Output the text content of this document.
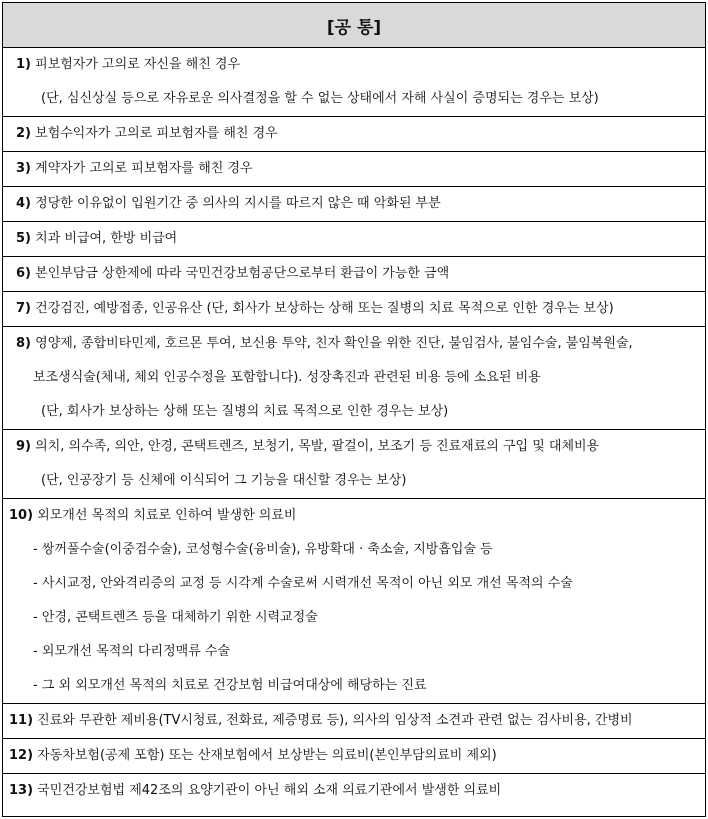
[공 통]
1) 피보험자가 고의로 자신을 해친 경우
(단, 심신상실 등으로 자유로운 의사결정을 할 수 없는 상태에서 자해 사실이 증명되는 경우는 보상)
2) 보험수익자가 고의로 피보험자를 해친 경우
3) 계약자가 고의로 피보험자를 해친 경우
4) 정당한 이유없이 입원기간 중 의사의 지시를 따르지 않은 때 악화된 부분
5) 치과 비급여, 한방 비급여
6) 본인부담금 상한제에 따라 국민건강보험공단으로부터 환급이 가능한 금액
7) 건강검진, 예방접종, 인공유산 (단, 회사가 보상하는 상해 또는 질병의 치료 목적으로 인한 경우는 보상)
8) 영양제, 종합비타민제, 호르몬 투여, 보신용 투약, 친자 확인을 위한 진단, 불임검사, 불임수술, 불임복원술,
보조생식술(체내, 체외 인공수정을 포함합니다). 성장촉진과 관련된 비용 등에 소요된 비용
(단, 회사가 보상하는 상해 또는 질병의 치료 목적으로 인한 경우는 보상)
9) 의치, 의수족, 의안, 안경, 콘택트렌즈, 보청기, 목발, 팔걸이, 보조기 등 진료재료의 구입 및 대체비용
(단, 인공장기 등 신체에 이식되어 그 기능을 대신할 경우는 보상)
10) 외모개선 목적의 치료로 인하여 발생한 의료비
- 쌍꺼풀수술(이중검수술), 코성형수술(융비술), 유방확대 · 축소술, 지방흡입술 등
- 사시교정, 안와격리증의 교정 등 시각계 수술로써 시력개선 목적이 아닌 외모 개선 목적의 수술
- 안경, 콘택트렌즈 등을 대체하기 위한 시력교정술
- 외모개선 목적의 다리정맥류 수술
- 그 외 외모개선 목적의 치료로 건강보험 비급여대상에 해당하는 진료
11) 진료와 무관한 제비용(TV시청료, 전화료, 제증명료 등), 의사의 임상적 소견과 관련 없는 검사비용, 간병비
12) 자동차보험(공제 포함) 또는 산재보험에서 보상받는 의료비(본인부담의료비 제외)
13) 국민건강보험법 제42조의 요양기관이 아닌 해외 소재 의료기관에서 발생한 의료비
